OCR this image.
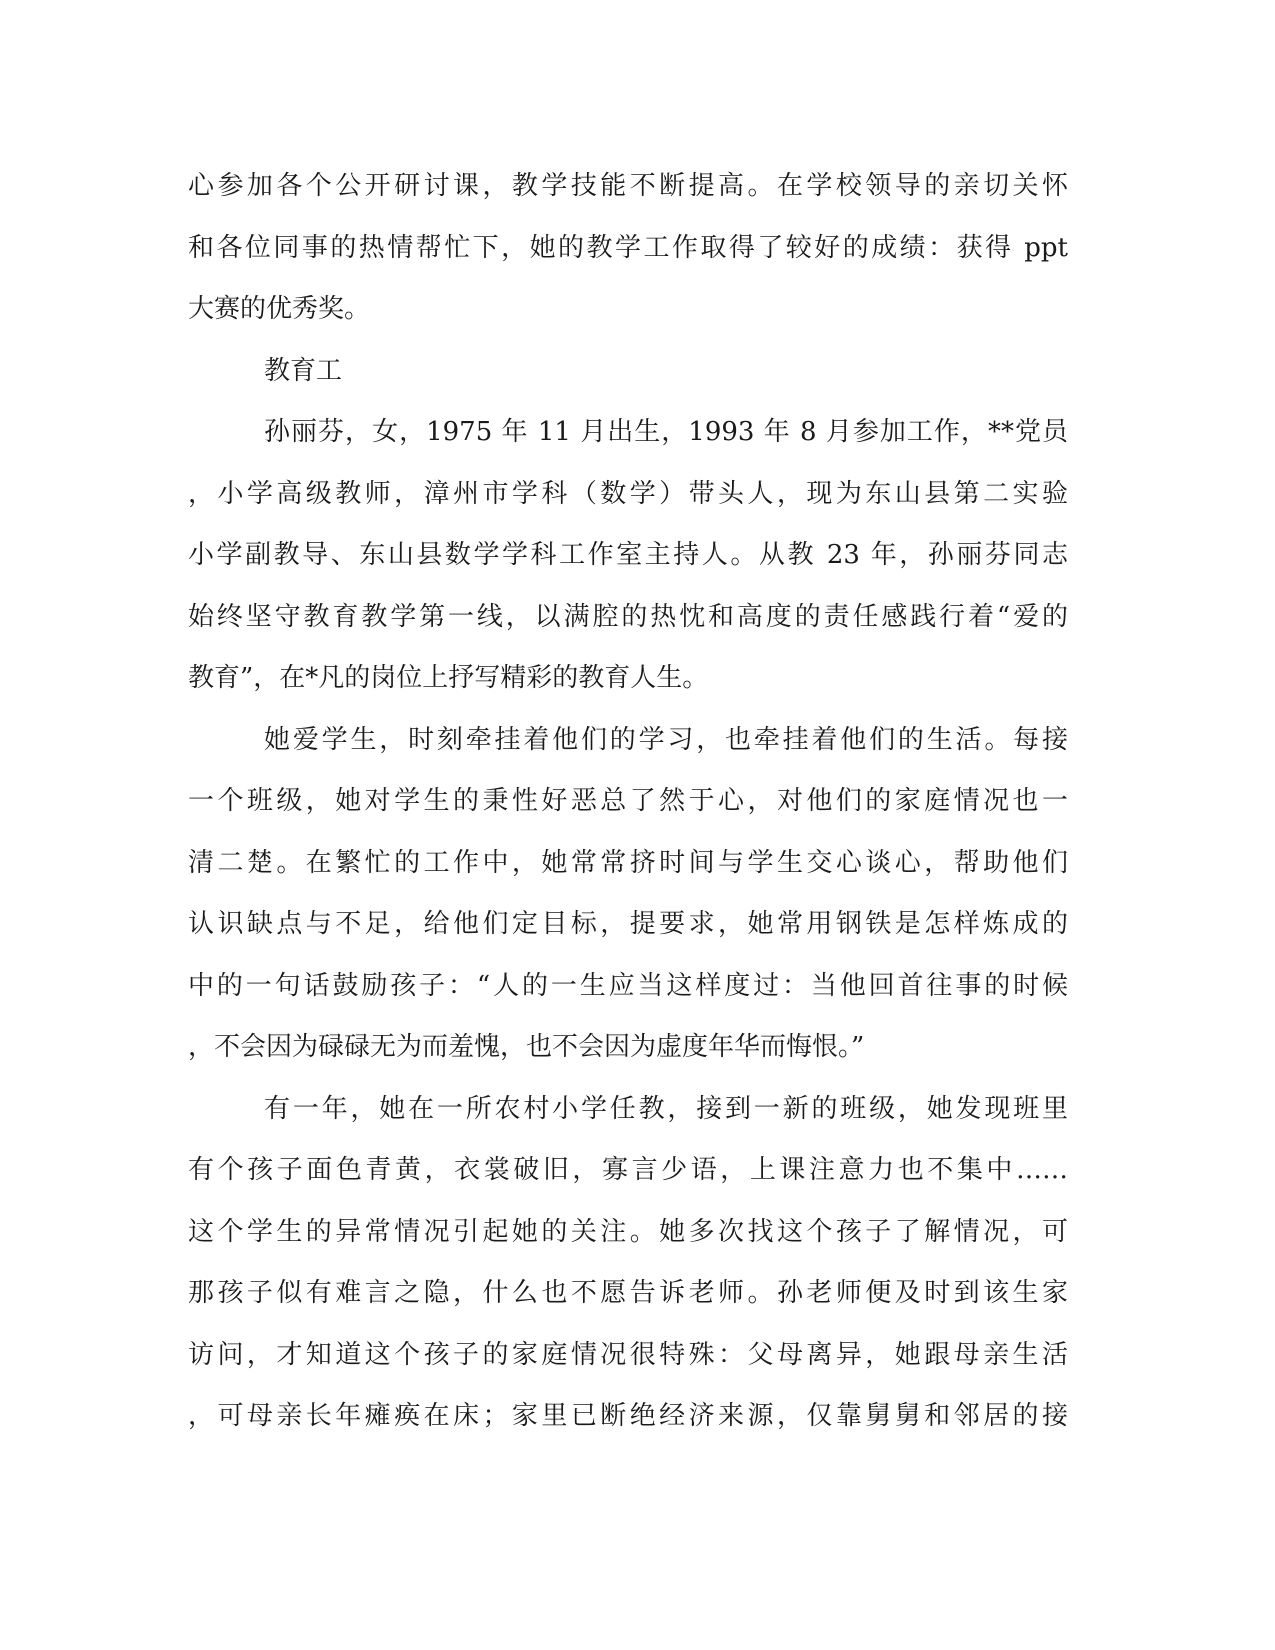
心参加各个公开研讨课，教学技能不断提高。在学校领导的亲切关怀
和各位同事的热情帮忙下，她的教学工作取得了较好的成绩：获得 ppt
大赛的优秀奖。
教育工
孙丽芬，女，1975 年 11 月出生，1993 年 8 月参加工作，**党员
，小学高级教师，漳州市学科（数学）带头人，现为东山县第二实验
小学副教导、东山县数学学科工作室主持人。从教 23 年，孙丽芬同志
始终坚守教育教学第一线，以满腔的热忱和高度的责任感践行着“爱的
教育”，在*凡的岗位上抒写精彩的教育人生。
她爱学生，时刻牵挂着他们的学习，也牵挂着他们的生活。每接
一个班级，她对学生的秉性好恶总了然于心，对他们的家庭情况也一
清二楚。在繁忙的工作中，她常常挤时间与学生交心谈心，帮助他们
认识缺点与不足，给他们定目标，提要求，她常用钢铁是怎样炼成的
中的一句话鼓励孩子：“人的一生应当这样度过：当他回首往事的时候
，不会因为碌碌无为而羞愧，也不会因为虚度年华而悔恨。”
有一年，她在一所农村小学任教，接到一新的班级，她发现班里
有个孩子面色青黄，衣裳破旧，寡言少语，上课注意力也不集中……
这个学生的异常情况引起她的关注。她多次找这个孩子了解情况，可
那孩子似有难言之隐，什么也不愿告诉老师。孙老师便及时到该生家
访问，才知道这个孩子的家庭情况很特殊：父母离异，她跟母亲生活
，可母亲长年瘫痪在床；家里已断绝经济来源，仅靠舅舅和邻居的接
